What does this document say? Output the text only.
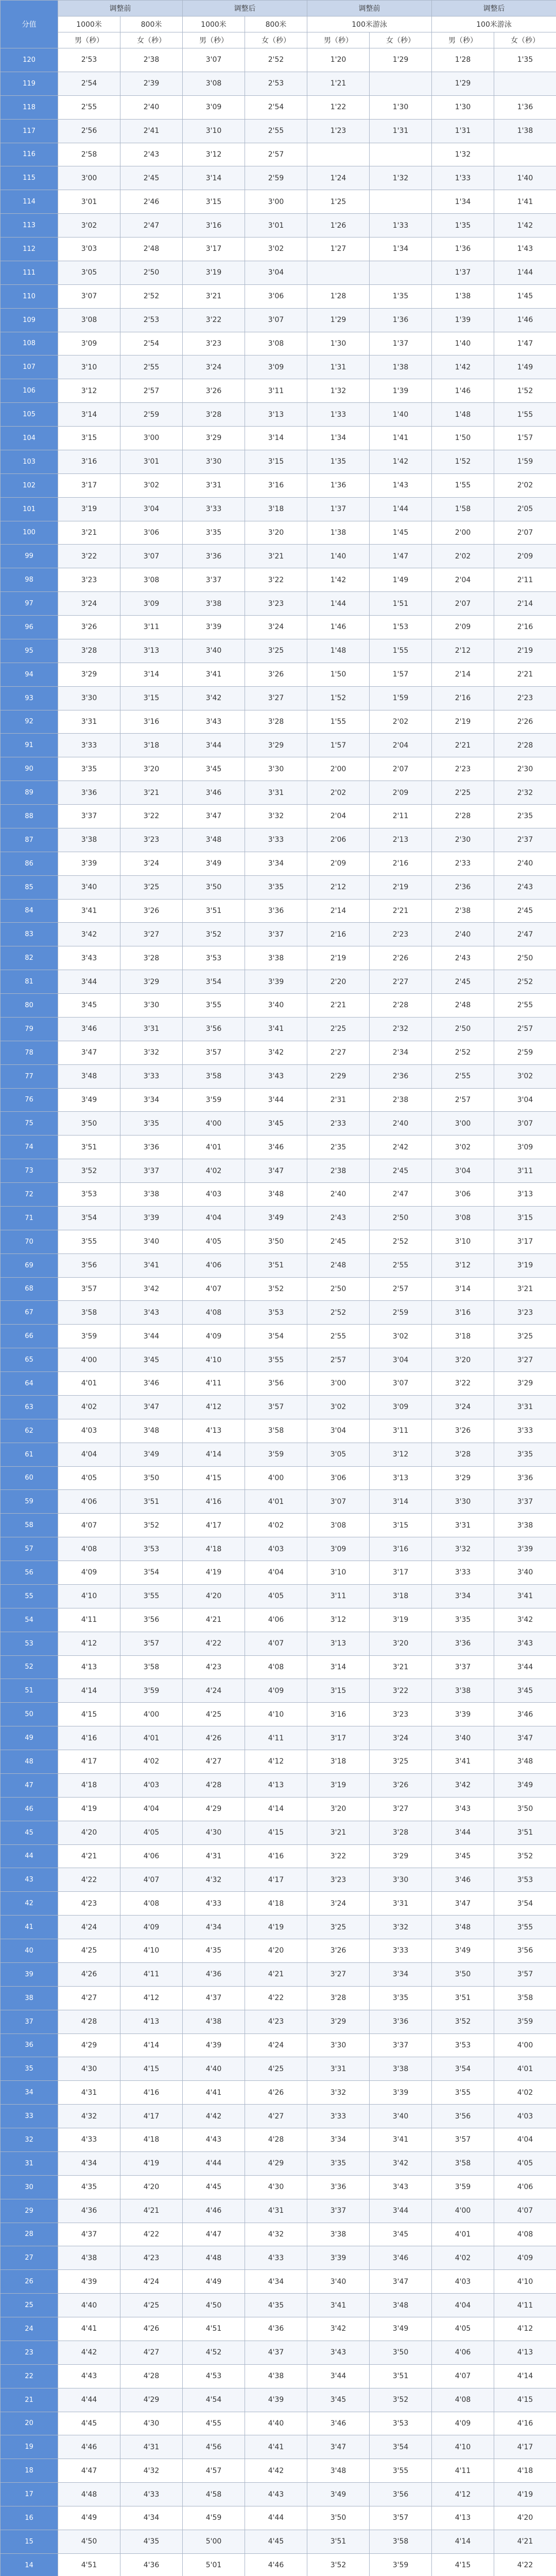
分值	调整前		调整后		调整前		调整后	
	1000米	800米	1000米	800米	100米游泳		100米游泳	
	男（秒）	女（秒）	男（秒）	女（秒）	男（秒）	女（秒）	男（秒）	女（秒）
120	2'53	2'38	3'07	2'52	1'20	1'29	1'28	1'35
119	2'54	2'39	3'08	2'53	1'21		1'29	
118	2'55	2'40	3'09	2'54	1'22	1'30	1'30	1'36
117	2'56	2'41	3'10	2'55	1'23	1'31	1'31	1'38
116	2'58	2'43	3'12	2'57			1'32	
115	3'00	2'45	3'14	2'59	1'24	1'32	1'33	1'40
114	3'01	2'46	3'15	3'00	1'25		1'34	1'41
113	3'02	2'47	3'16	3'01	1'26	1'33	1'35	1'42
112	3'03	2'48	3'17	3'02	1'27	1'34	1'36	1'43
111	3'05	2'50	3'19	3'04			1'37	1'44
110	3'07	2'52	3'21	3'06	1'28	1'35	1'38	1'45
109	3'08	2'53	3'22	3'07	1'29	1'36	1'39	1'46
108	3'09	2'54	3'23	3'08	1'30	1'37	1'40	1'47
107	3'10	2'55	3'24	3'09	1'31	1'38	1'42	1'49
106	3'12	2'57	3'26	3'11	1'32	1'39	1'46	1'52
105	3'14	2'59	3'28	3'13	1'33	1'40	1'48	1'55
104	3'15	3'00	3'29	3'14	1'34	1'41	1'50	1'57
103	3'16	3'01	3'30	3'15	1'35	1'42	1'52	1'59
102	3'17	3'02	3'31	3'16	1'36	1'43	1'55	2'02
101	3'19	3'04	3'33	3'18	1'37	1'44	1'58	2'05
100	3'21	3'06	3'35	3'20	1'38	1'45	2'00	2'07
99	3'22	3'07	3'36	3'21	1'40	1'47	2'02	2'09
98	3'23	3'08	3'37	3'22	1'42	1'49	2'04	2'11
97	3'24	3'09	3'38	3'23	1'44	1'51	2'07	2'14
96	3'26	3'11	3'39	3'24	1'46	1'53	2'09	2'16
95	3'28	3'13	3'40	3'25	1'48	1'55	2'12	2'19
94	3'29	3'14	3'41	3'26	1'50	1'57	2'14	2'21
93	3'30	3'15	3'42	3'27	1'52	1'59	2'16	2'23
92	3'31	3'16	3'43	3'28	1'55	2'02	2'19	2'26
91	3'33	3'18	3'44	3'29	1'57	2'04	2'21	2'28
90	3'35	3'20	3'45	3'30	2'00	2'07	2'23	2'30
89	3'36	3'21	3'46	3'31	2'02	2'09	2'25	2'32
88	3'37	3'22	3'47	3'32	2'04	2'11	2'28	2'35
87	3'38	3'23	3'48	3'33	2'06	2'13	2'30	2'37
86	3'39	3'24	3'49	3'34	2'09	2'16	2'33	2'40
85	3'40	3'25	3'50	3'35	2'12	2'19	2'36	2'43
84	3'41	3'26	3'51	3'36	2'14	2'21	2'38	2'45
83	3'42	3'27	3'52	3'37	2'16	2'23	2'40	2'47
82	3'43	3'28	3'53	3'38	2'19	2'26	2'43	2'50
81	3'44	3'29	3'54	3'39	2'20	2'27	2'45	2'52
80	3'45	3'30	3'55	3'40	2'21	2'28	2'48	2'55
79	3'46	3'31	3'56	3'41	2'25	2'32	2'50	2'57
78	3'47	3'32	3'57	3'42	2'27	2'34	2'52	2'59
77	3'48	3'33	3'58	3'43	2'29	2'36	2'55	3'02
76	3'49	3'34	3'59	3'44	2'31	2'38	2'57	3'04
75	3'50	3'35	4'00	3'45	2'33	2'40	3'00	3'07
74	3'51	3'36	4'01	3'46	2'35	2'42	3'02	3'09
73	3'52	3'37	4'02	3'47	2'38	2'45	3'04	3'11
72	3'53	3'38	4'03	3'48	2'40	2'47	3'06	3'13
71	3'54	3'39	4'04	3'49	2'43	2'50	3'08	3'15
70	3'55	3'40	4'05	3'50	2'45	2'52	3'10	3'17
69	3'56	3'41	4'06	3'51	2'48	2'55	3'12	3'19
68	3'57	3'42	4'07	3'52	2'50	2'57	3'14	3'21
67	3'58	3'43	4'08	3'53	2'52	2'59	3'16	3'23
66	3'59	3'44	4'09	3'54	2'55	3'02	3'18	3'25
65	4'00	3'45	4'10	3'55	2'57	3'04	3'20	3'27
64	4'01	3'46	4'11	3'56	3'00	3'07	3'22	3'29
63	4'02	3'47	4'12	3'57	3'02	3'09	3'24	3'31
62	4'03	3'48	4'13	3'58	3'04	3'11	3'26	3'33
61	4'04	3'49	4'14	3'59	3'05	3'12	3'28	3'35
60	4'05	3'50	4'15	4'00	3'06	3'13	3'29	3'36
59	4'06	3'51	4'16	4'01	3'07	3'14	3'30	3'37
58	4'07	3'52	4'17	4'02	3'08	3'15	3'31	3'38
57	4'08	3'53	4'18	4'03	3'09	3'16	3'32	3'39
56	4'09	3'54	4'19	4'04	3'10	3'17	3'33	3'40
55	4'10	3'55	4'20	4'05	3'11	3'18	3'34	3'41
54	4'11	3'56	4'21	4'06	3'12	3'19	3'35	3'42
53	4'12	3'57	4'22	4'07	3'13	3'20	3'36	3'43
52	4'13	3'58	4'23	4'08	3'14	3'21	3'37	3'44
51	4'14	3'59	4'24	4'09	3'15	3'22	3'38	3'45
50	4'15	4'00	4'25	4'10	3'16	3'23	3'39	3'46
49	4'16	4'01	4'26	4'11	3'17	3'24	3'40	3'47
48	4'17	4'02	4'27	4'12	3'18	3'25	3'41	3'48
47	4'18	4'03	4'28	4'13	3'19	3'26	3'42	3'49
46	4'19	4'04	4'29	4'14	3'20	3'27	3'43	3'50
45	4'20	4'05	4'30	4'15	3'21	3'28	3'44	3'51
44	4'21	4'06	4'31	4'16	3'22	3'29	3'45	3'52
43	4'22	4'07	4'32	4'17	3'23	3'30	3'46	3'53
42	4'23	4'08	4'33	4'18	3'24	3'31	3'47	3'54
41	4'24	4'09	4'34	4'19	3'25	3'32	3'48	3'55
40	4'25	4'10	4'35	4'20	3'26	3'33	3'49	3'56
39	4'26	4'11	4'36	4'21	3'27	3'34	3'50	3'57
38	4'27	4'12	4'37	4'22	3'28	3'35	3'51	3'58
37	4'28	4'13	4'38	4'23	3'29	3'36	3'52	3'59
36	4'29	4'14	4'39	4'24	3'30	3'37	3'53	4'00
35	4'30	4'15	4'40	4'25	3'31	3'38	3'54	4'01
34	4'31	4'16	4'41	4'26	3'32	3'39	3'55	4'02
33	4'32	4'17	4'42	4'27	3'33	3'40	3'56	4'03
32	4'33	4'18	4'43	4'28	3'34	3'41	3'57	4'04
31	4'34	4'19	4'44	4'29	3'35	3'42	3'58	4'05
30	4'35	4'20	4'45	4'30	3'36	3'43	3'59	4'06
29	4'36	4'21	4'46	4'31	3'37	3'44	4'00	4'07
28	4'37	4'22	4'47	4'32	3'38	3'45	4'01	4'08
27	4'38	4'23	4'48	4'33	3'39	3'46	4'02	4'09
26	4'39	4'24	4'49	4'34	3'40	3'47	4'03	4'10
25	4'40	4'25	4'50	4'35	3'41	3'48	4'04	4'11
24	4'41	4'26	4'51	4'36	3'42	3'49	4'05	4'12
23	4'42	4'27	4'52	4'37	3'43	3'50	4'06	4'13
22	4'43	4'28	4'53	4'38	3'44	3'51	4'07	4'14
21	4'44	4'29	4'54	4'39	3'45	3'52	4'08	4'15
20	4'45	4'30	4'55	4'40	3'46	3'53	4'09	4'16
19	4'46	4'31	4'56	4'41	3'47	3'54	4'10	4'17
18	4'47	4'32	4'57	4'42	3'48	3'55	4'11	4'18
17	4'48	4'33	4'58	4'43	3'49	3'56	4'12	4'19
16	4'49	4'34	4'59	4'44	3'50	3'57	4'13	4'20
15	4'50	4'35	5'00	4'45	3'51	3'58	4'14	4'21
14	4'51	4'36	5'01	4'46	3'52	3'59	4'15	4'22
